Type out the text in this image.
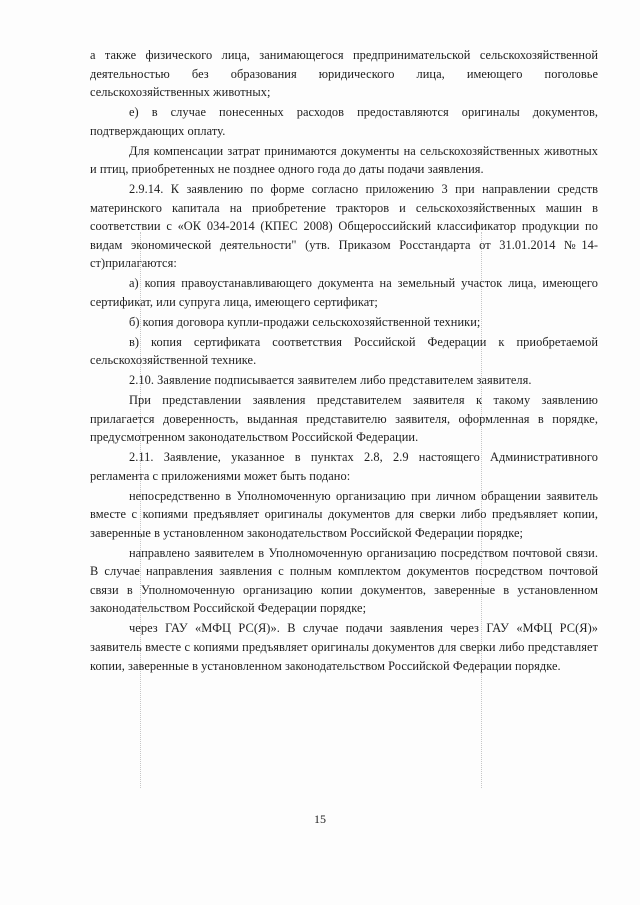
а также физического лица, занимающегося предпринимательской сельскохозяйственной деятельностью без образования юридического лица, имеющего поголовье сельскохозяйственных животных;

е) в случае понесенных расходов предоставляются оригиналы документов, подтверждающих оплату.

Для компенсации затрат принимаются документы на сельскохозяйственных животных и птиц, приобретенных не позднее одного года до даты подачи заявления.

2.9.14. К заявлению по форме согласно приложению 3 при направлении средств материнского капитала на приобретение тракторов и сельскохозяйственных машин в соответствии с «ОК 034-2014 (КПЕС 2008) Общероссийский классификатор продукции по видам экономической деятельности" (утв. Приказом Росстандарта от 31.01.2014 №14-ст)прилагаются:

а) копия правоустанавливающего документа на земельный участок лица, имеющего сертификат, или супруга лица, имеющего сертификат;

б) копия договора купли-продажи сельскохозяйственной техники;

в) копия сертификата соответствия Российской Федерации к приобретаемой сельскохозяйственной технике.

2.10. Заявление подписывается заявителем либо представителем заявителя.

При представлении заявления представителем заявителя к такому заявлению прилагается доверенность, выданная представителю заявителя, оформленная в порядке, предусмотренном законодательством Российской Федерации.

2.11. Заявление, указанное в пунктах 2.8, 2.9 настоящего Административного регламента с приложениями может быть подано:

непосредственно в Уполномоченную организацию при личном обращении заявитель вместе с копиями предъявляет оригиналы документов для сверки либо предъявляет копии, заверенные в установленном законодательством Российской Федерации порядке;

направлено заявителем в Уполномоченную организацию посредством почтовой связи. В случае направления заявления с полным комплектом документов посредством почтовой связи в Уполномоченную организацию копии документов, заверенные в установленном законодательством Российской Федерации порядке;

через ГАУ «МФЦ РС(Я)». В случае подачи заявления через ГАУ «МФЦ РС(Я)» заявитель вместе с копиями предъявляет оригиналы документов для сверки либо представляет копии, заверенные в установленном законодательством Российской Федерации порядке.

15
